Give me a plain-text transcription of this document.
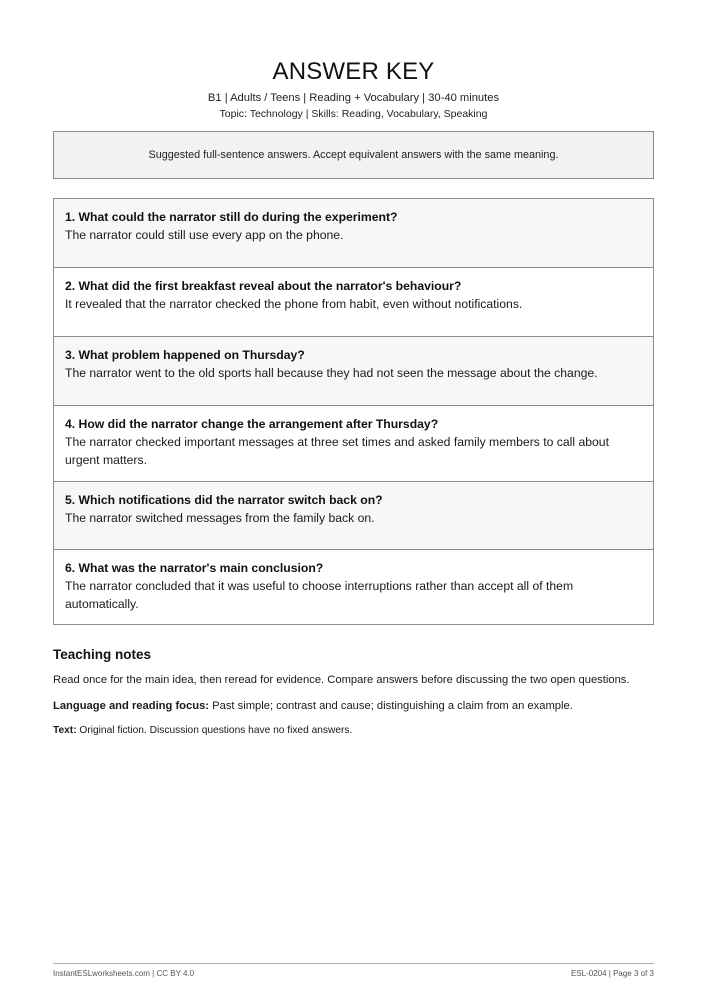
ANSWER KEY
B1 | Adults / Teens | Reading + Vocabulary | 30-40 minutes
Topic: Technology | Skills: Reading, Vocabulary, Speaking
Suggested full-sentence answers. Accept equivalent answers with the same meaning.
1. What could the narrator still do during the experiment?
The narrator could still use every app on the phone.
2. What did the first breakfast reveal about the narrator's behaviour?
It revealed that the narrator checked the phone from habit, even without notifications.
3. What problem happened on Thursday?
The narrator went to the old sports hall because they had not seen the message about the change.
4. How did the narrator change the arrangement after Thursday?
The narrator checked important messages at three set times and asked family members to call about urgent matters.
5. Which notifications did the narrator switch back on?
The narrator switched messages from the family back on.
6. What was the narrator's main conclusion?
The narrator concluded that it was useful to choose interruptions rather than accept all of them automatically.
Teaching notes

Read once for the main idea, then reread for evidence. Compare answers before discussing the two open questions.

Language and reading focus: Past simple; contrast and cause; distinguishing a claim from an example.

Text: Original fiction. Discussion questions have no fixed answers.

InstantESLworksheets.com | CC BY 4.0	ESL-0204 | Page 3 of 3
